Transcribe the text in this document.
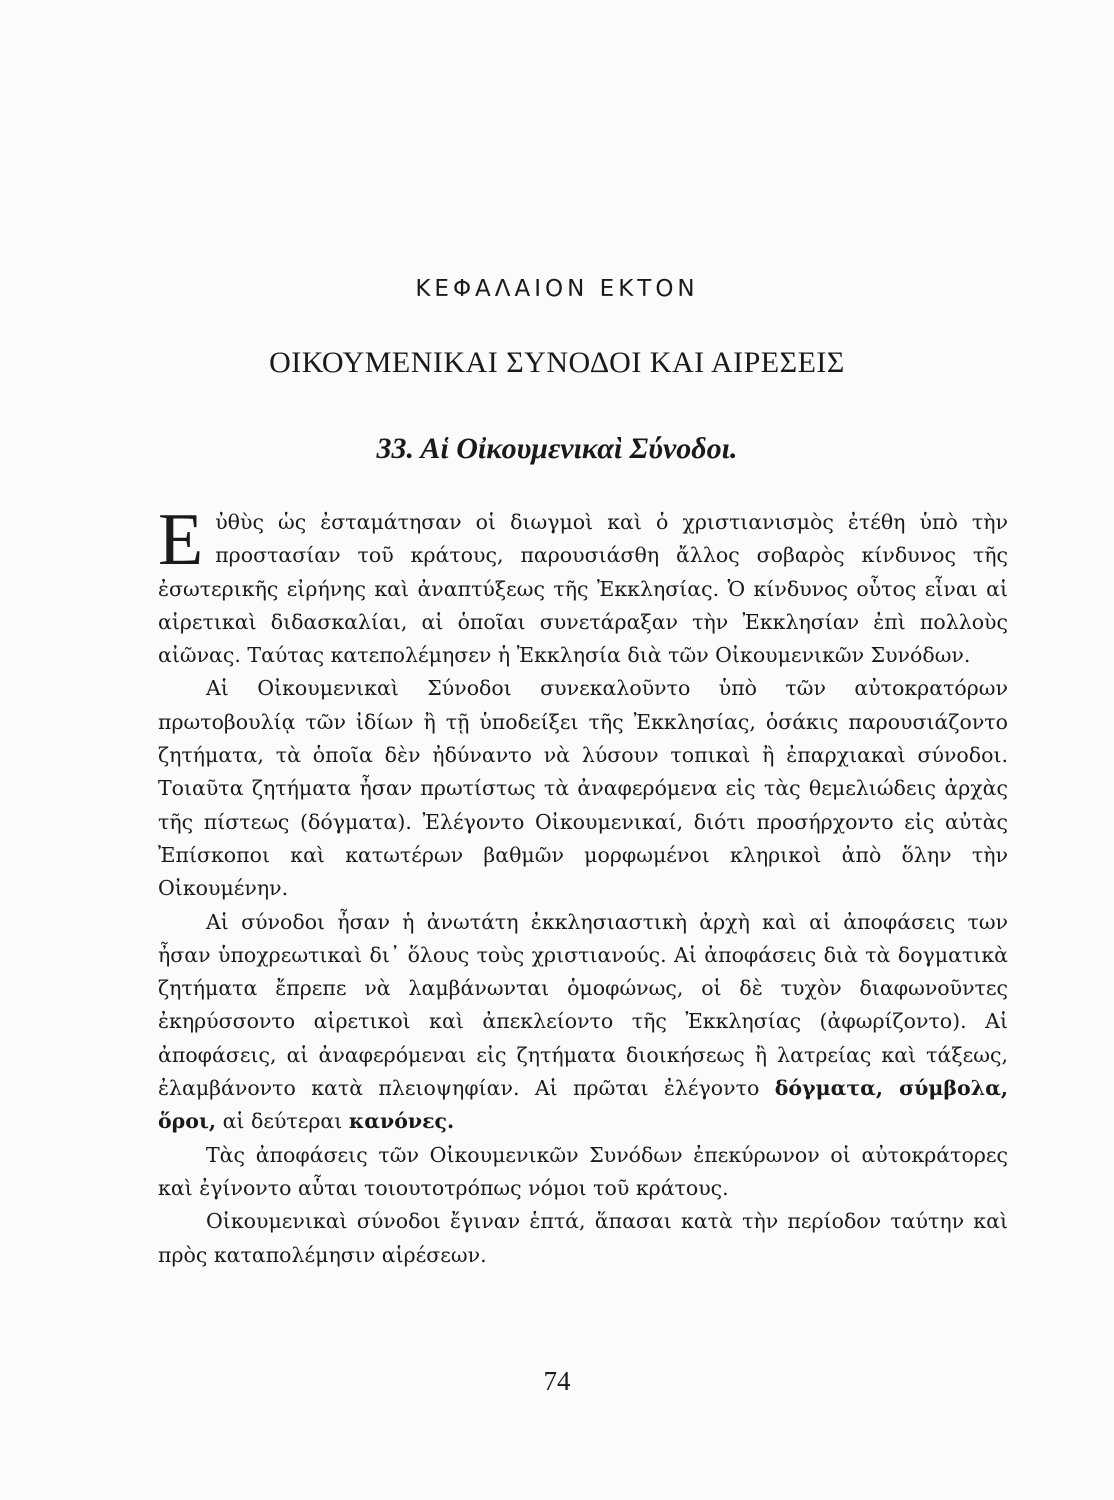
ΚΕΦΑΛΑΙΟΝ ΕΚΤΟΝ
ΟΙΚΟΥΜΕΝΙΚΑΙ ΣΥΝΟΔΟΙ ΚΑΙ ΑΙΡΕΣΕΙΣ
33. Αἱ Οἰκουμενικαὶ Σύνοδοι.

Εὐθὺς ὡς ἐσταμάτησαν οἱ διωγμοὶ καὶ ὁ χριστιανισμὸς ἐτέθη ὑπὸ τὴν προστασίαν τοῦ κράτους, παρουσιάσθη ἄλλος σοβαρὸς κίνδυνος τῆς ἐσωτερικῆς εἰρήνης καὶ ἀναπτύξεως τῆς Ἐκκλησίας. Ὁ κίνδυνος οὗτος εἶναι αἱ αἱρετικαὶ διδασκαλίαι, αἱ ὁποῖαι συνετάραξαν τὴν Ἐκκλησίαν ἐπὶ πολλοὺς αἰῶνας. Ταύτας κατεπολέμησεν ἡ Ἐκκλησία διὰ τῶν Οἰκουμενικῶν Συνόδων.

Αἱ Οἰκουμενικαὶ Σύνοδοι συνεκαλοῦντο ὑπὸ τῶν αὐτοκρατόρων πρωτοβουλίᾳ τῶν ἰδίων ἢ τῇ ὑποδείξει τῆς Ἐκκλησίας, ὁσάκις παρουσιάζοντο ζητήματα, τὰ ὁποῖα δὲν ἠδύναντο νὰ λύσουν τοπικαὶ ἢ ἐπαρχιακαὶ σύνοδοι. Τοιαῦτα ζητήματα ἦσαν πρωτίστως τὰ ἀναφερόμενα εἰς τὰς θεμελιώδεις ἀρχὰς τῆς πίστεως (δόγματα). Ἐλέγοντο Οἰκουμενικαί, διότι προσήρχοντο εἰς αὐτὰς Ἐπίσκοποι καὶ κατωτέρων βαθμῶν μορφωμένοι κληρικοὶ ἀπὸ ὅλην τὴν Οἰκουμένην.

Αἱ σύνοδοι ἦσαν ἡ ἀνωτάτη ἐκκλησιαστικὴ ἀρχὴ καὶ αἱ ἀποφάσεις των ἦσαν ὑποχρεωτικαὶ δι᾽ ὅλους τοὺς χριστιανούς. Αἱ ἀποφάσεις διὰ τὰ δογματικὰ ζητήματα ἔπρεπε νὰ λαμβάνωνται ὁμοφώνως, οἱ δὲ τυχὸν διαφωνοῦντες ἐκηρύσσοντο αἱρετικοὶ καὶ ἀπεκλείοντο τῆς Ἐκκλησίας (ἀφωρίζοντο). Αἱ ἀποφάσεις, αἱ ἀναφερόμεναι εἰς ζητήματα διοικήσεως ἢ λατρείας καὶ τάξεως, ἐλαμβάνοντο κατὰ πλειοψηφίαν. Αἱ πρῶται ἐλέγοντο δόγματα, σύμβολα, ὅροι, αἱ δεύτεραι κανόνες.

Τὰς ἀποφάσεις τῶν Οἰκουμενικῶν Συνόδων ἐπεκύρωνον οἱ αὐτοκράτορες καὶ ἐγίνοντο αὗται τοιουτοτρόπως νόμοι τοῦ κράτους.

Οἰκουμενικαὶ σύνοδοι ἔγιναν ἑπτά, ἅπασαι κατὰ τὴν περίοδον ταύτην καὶ πρὸς καταπολέμησιν αἱρέσεων.

74
